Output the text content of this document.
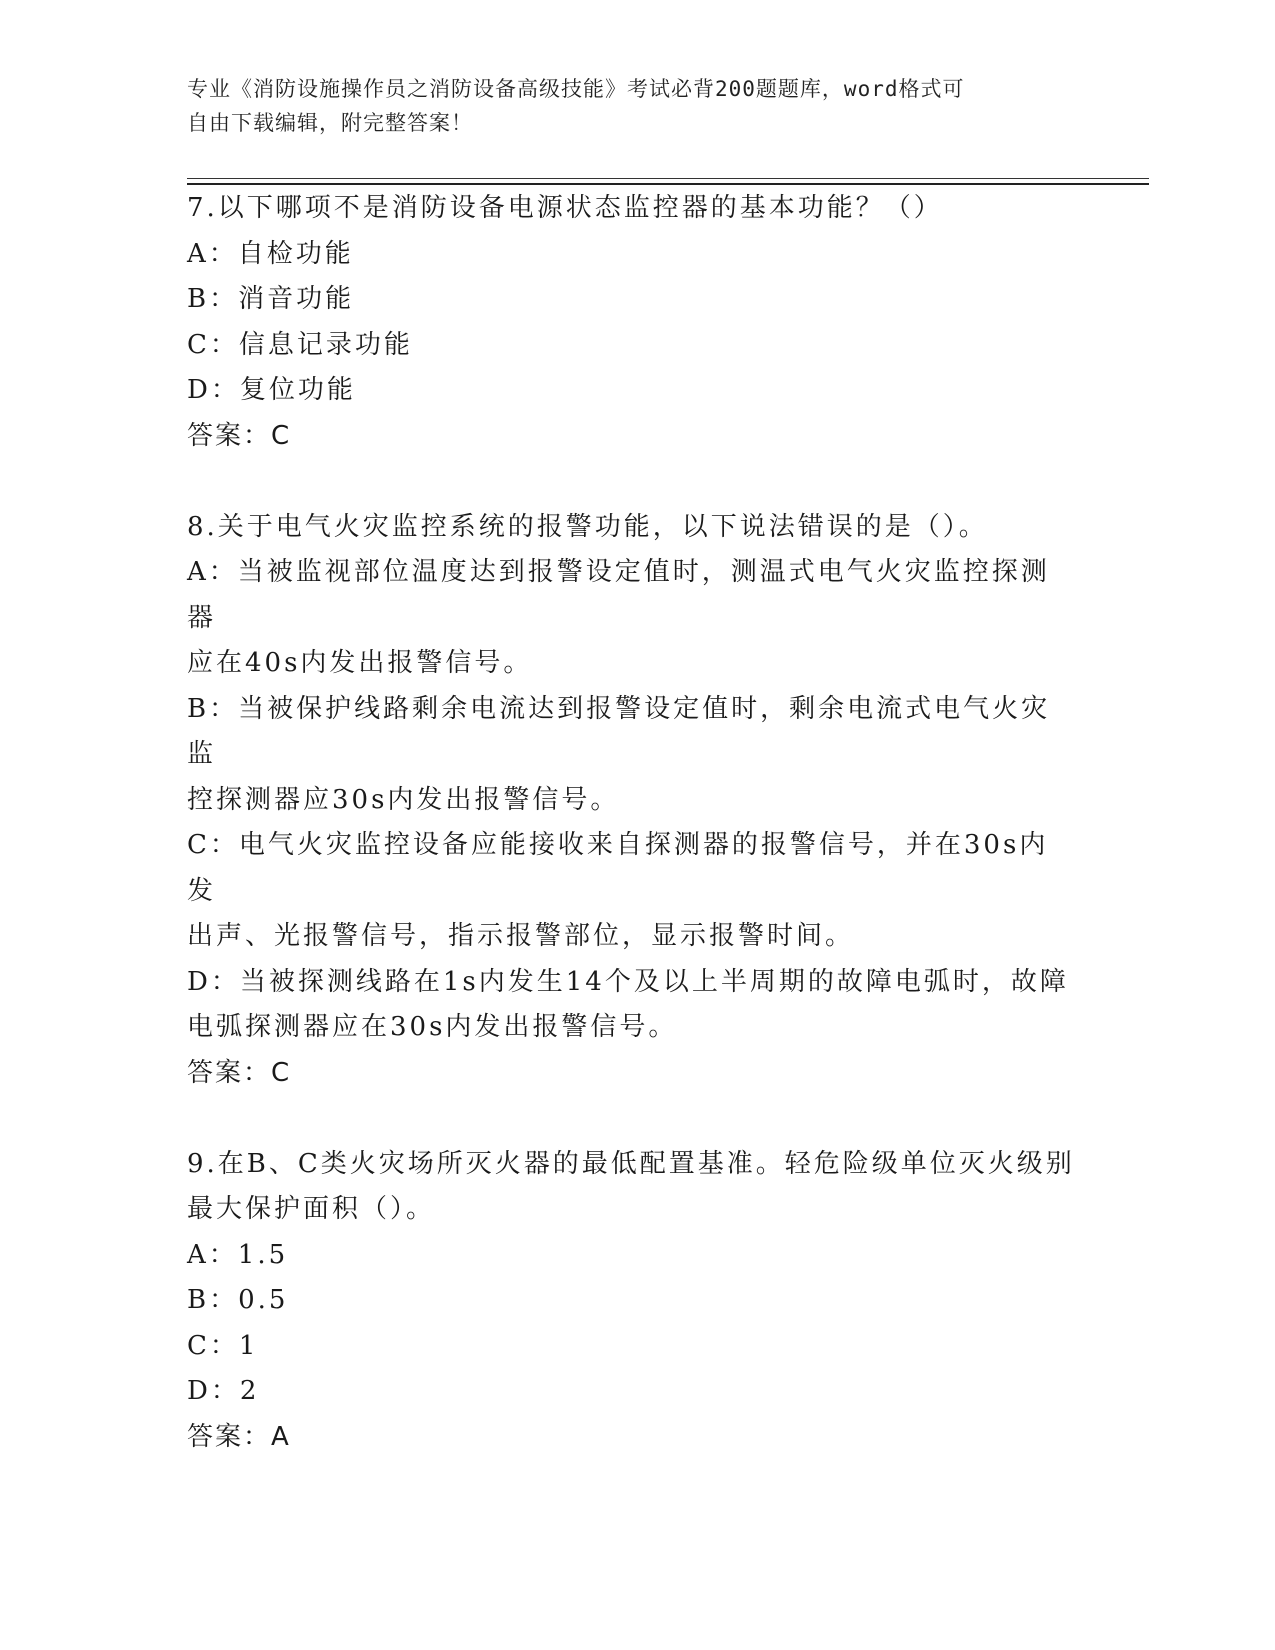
专业《消防设施操作员之消防设备高级技能》考试必背200题题库，word格式可
自由下载编辑，附完整答案！

7.以下哪项不是消防设备电源状态监控器的基本功能？（）

A：自检功能

B：消音功能

C：信息记录功能

D：复位功能

答案：C

8.关于电气火灾监控系统的报警功能，以下说法错误的是（）。

A：当被监视部位温度达到报警设定值时，测温式电气火灾监控探测器
应在40s内发出报警信号。

B：当被保护线路剩余电流达到报警设定值时，剩余电流式电气火灾监
控探测器应30s内发出报警信号。

C：电气火灾监控设备应能接收来自探测器的报警信号，并在30s内发
出声、光报警信号，指示报警部位，显示报警时间。

D：当被探测线路在1s内发生14个及以上半周期的故障电弧时，故障
电弧探测器应在30s内发出报警信号。

答案：C

9.在B、C类火灾场所灭火器的最低配置基准。轻危险级单位灭火级别
最大保护面积（）。

A：1.5

B：0.5

C：1

D：2

答案：A
